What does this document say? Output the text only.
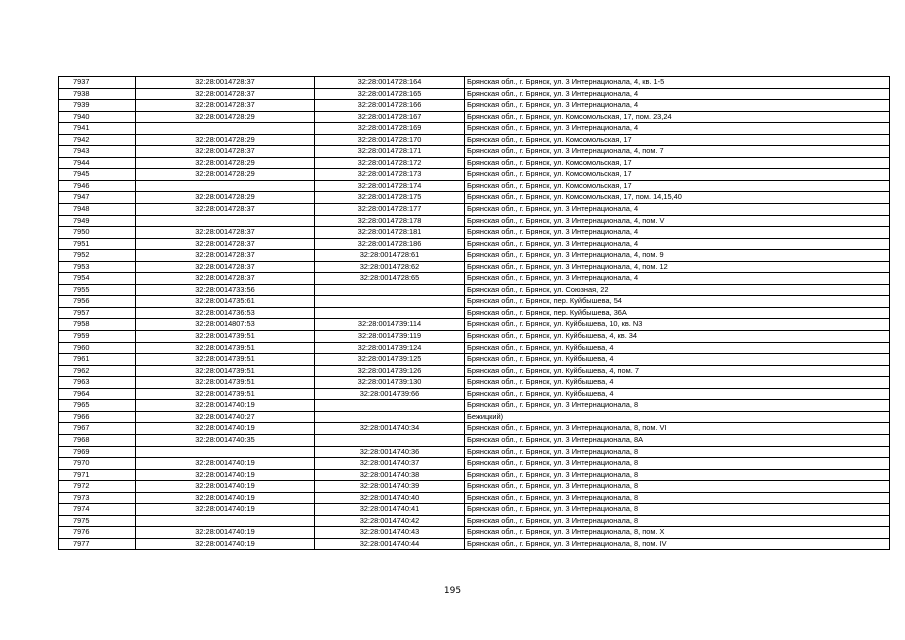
7937	32:28:0014728:37	32:28:0014728:164	Брянская обл., г. Брянск, ул. 3 Интернационала, 4, кв. 1-5
7938	32:28:0014728:37	32:28:0014728:165	Брянская обл., г. Брянск, ул. 3 Интернационала, 4
7939	32:28:0014728:37	32:28:0014728:166	Брянская обл., г. Брянск, ул. 3 Интернационала, 4
7940	32:28:0014728:29	32:28:0014728:167	Брянская обл., г. Брянск, ул. Комсомольская, 17, пом. 23,24
7941		32:28:0014728:169	Брянская обл., г. Брянск, ул. 3 Интернационала, 4
7942	32:28:0014728:29	32:28:0014728:170	Брянская обл., г. Брянск, ул. Комсомольская, 17
7943	32:28:0014728:37	32:28:0014728:171	Брянская обл., г. Брянск, ул. 3 Интернационала, 4, пом. 7
7944	32:28:0014728:29	32:28:0014728:172	Брянская обл., г. Брянск, ул. Комсомольская, 17
7945	32:28:0014728:29	32:28:0014728:173	Брянская обл., г. Брянск, ул. Комсомольская, 17
7946		32:28:0014728:174	Брянская обл., г. Брянск, ул. Комсомольская, 17
7947	32:28:0014728:29	32:28:0014728:175	Брянская обл., г. Брянск, ул. Комсомольская, 17, пом. 14,15,40
7948	32:28:0014728:37	32:28:0014728:177	Брянская обл., г. Брянск, ул. 3 Интернационала, 4
7949		32:28:0014728:178	Брянская обл., г. Брянск, ул. 3 Интернационала, 4, пом. V
7950	32:28:0014728:37	32:28:0014728:181	Брянская обл., г. Брянск, ул. 3 Интернационала, 4
7951	32:28:0014728:37	32:28:0014728:186	Брянская обл., г. Брянск, ул. 3 Интернационала, 4
7952	32:28:0014728:37	32:28:0014728:61	Брянская обл., г. Брянск, ул. 3 Интернационала, 4, пом. 9
7953	32:28:0014728:37	32:28:0014728:62	Брянская обл., г. Брянск, ул. 3 Интернационала, 4, пом. 12
7954	32:28:0014728:37	32:28:0014728:65	Брянская обл., г. Брянск, ул. 3 Интернационала, 4
7955	32:28:0014733:56		Брянская обл., г. Брянск, ул. Союзная, 22
7956	32:28:0014735:61		Брянская обл., г. Брянск, пер. Куйбышева, 54
7957	32:28:0014736:53		Брянская обл., г. Брянск, пер. Куйбышева, 36А
7958	32:28:0014807:53	32:28:0014739:114	Брянская обл., г. Брянск, ул. Куйбышева, 10, кв. N3
7959	32:28:0014739:51	32:28:0014739:119	Брянская обл., г. Брянск, ул. Куйбышева, 4, кв. 34
7960	32:28:0014739:51	32:28:0014739:124	Брянская обл., г. Брянск, ул. Куйбышева, 4
7961	32:28:0014739:51	32:28:0014739:125	Брянская обл., г. Брянск, ул. Куйбышева, 4
7962	32:28:0014739:51	32:28:0014739:126	Брянская обл., г. Брянск, ул. Куйбышева, 4, пом. 7
7963	32:28:0014739:51	32:28:0014739:130	Брянская обл., г. Брянск, ул. Куйбышева, 4
7964	32:28:0014739:51	32:28:0014739:66	Брянская обл., г. Брянск, ул. Куйбышева, 4
7965	32:28:0014740:19		Брянская обл., г. Брянск, ул. 3 Интернационала, 8
7966	32:28:0014740:27		Бежицкий)
7967	32:28:0014740:19	32:28:0014740:34	Брянская обл., г. Брянск, ул. 3 Интернационала, 8, пом. VI
7968	32:28:0014740:35		Брянская обл., г. Брянск, ул. 3 Интернационала, 8А
7969		32:28:0014740:36	Брянская обл., г. Брянск, ул. 3 Интернационала, 8
7970	32:28:0014740:19	32:28:0014740:37	Брянская обл., г. Брянск, ул. 3 Интернационала, 8
7971	32:28:0014740:19	32:28:0014740:38	Брянская обл., г. Брянск, ул. 3 Интернационала, 8
7972	32:28:0014740:19	32:28:0014740:39	Брянская обл., г. Брянск, ул. 3 Интернационала, 8
7973	32:28:0014740:19	32:28:0014740:40	Брянская обл., г. Брянск, ул. 3 Интернационала, 8
7974	32:28:0014740:19	32:28:0014740:41	Брянская обл., г. Брянск, ул. 3 Интернационала, 8
7975		32:28:0014740:42	Брянская обл., г. Брянск, ул. 3 Интернационала, 8
7976	32:28:0014740:19	32:28:0014740:43	Брянская обл., г. Брянск, ул. 3 Интернационала, 8, пом. X
7977	32:28:0014740:19	32:28:0014740:44	Брянская обл., г. Брянск, ул. 3 Интернационала, 8, пом. IV
195
